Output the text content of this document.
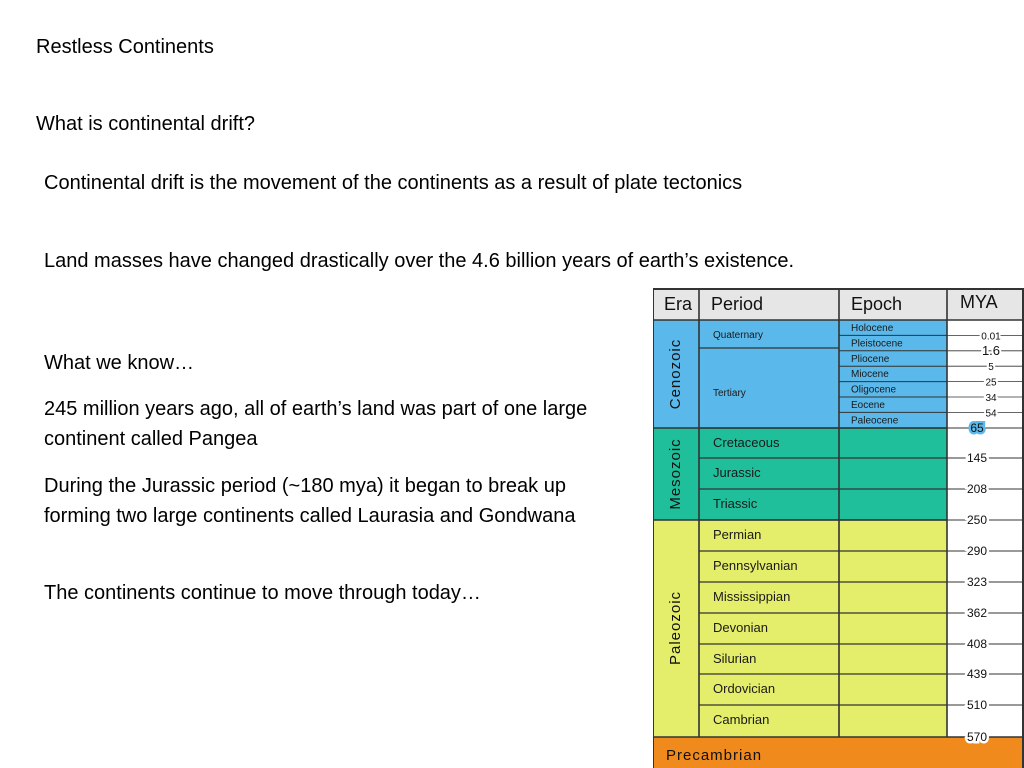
Restless Continents
What is continental drift?
Continental drift is the movement of the continents as a result of plate tectonics
Land masses have changed drastically over the 4.6 billion years of earth’s existence.
What we know…
245 million years ago, all of earth’s land was part of one large continent called Pangea
During the Jurassic period (~180 mya) it began to break up forming two large continents called Laurasia and Gondwana
The continents continue to move through today…
Era Period	Epoch	MYA
Cenozoic
Mesozoic
Paleozoic
Precambrian
Quaternary
Tertiary
Holocene
Pleistocene
Pliocene
Miocene
Oligocene
Eocene
Paleocene
0.01
1.6
5
25
34
54
Cretaceous
Jurassic
Triassic
Permian
Pennsylvanian
Mississippian
Devonian
Silurian
Ordovician
Cambrian
65
145
208
250
290
323
362
408
439
510
570
